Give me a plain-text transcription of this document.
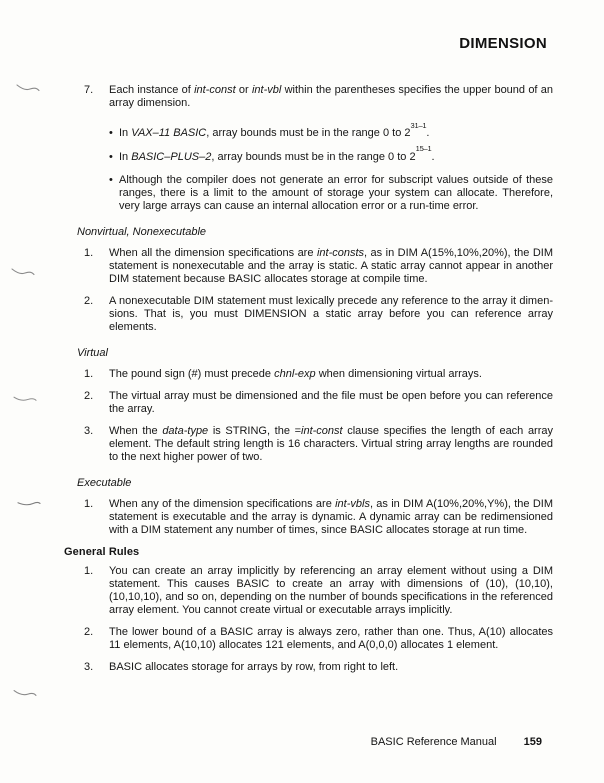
DIMENSION
7.	Each instance of int-const or int-vbl within the parentheses specifies the upper bound of an array dimension.

• In VAX–11 BASIC, array bounds must be in the range 0 to 2$^{31-1}$.

• In BASIC–PLUS–2, array bounds must be in the range 0 to 2$^{15-1}$.

• Although the compiler does not generate an error for subscript values outside of these ranges, there is a limit to the amount of storage your system can allocate. Therefore, very large arrays can cause an internal allocation error or a run-time error.

Nonvirtual, Nonexecutable
1.	When all the dimension specifications are int-consts, as in DIM A(15%,10%,20%), the DIM statement is nonexecutable and the array is static. A static array cannot appear in another DIM statement because BASIC allocates storage at compile time.

2.	A nonexecutable DIM statement must lexically precede any reference to the array it dimensions. That is, you must DIMENSION a static array before you can reference array elements.

Virtual
1.	The pound sign (#) must precede chnl-exp when dimensioning virtual arrays.

2.	The virtual array must be dimensioned and the file must be open before you can reference the array.

3.	When the data-type is STRING, the =int-const clause specifies the length of each array element. The default string length is 16 characters. Virtual string array lengths are rounded to the next higher power of two.

Executable
1.	When any of the dimension specifications are int-vbls, as in DIM A(10%,20%,Y%), the DIM statement is executable and the array is dynamic. A dynamic array can be redimensioned with a DIM statement any number of times, since BASIC allocates storage at run time.

General Rules
1.	You can create an array implicitly by referencing an array element without using a DIM statement. This causes BASIC to create an array with dimensions of (10), (10,10), (10,10,10), and so on, depending on the number of bounds specifications in the referenced array element. You cannot create virtual or executable arrays implicitly.

2.	The lower bound of a BASIC array is always zero, rather than one. Thus, A(10) allocates 11 elements, A(10,10) allocates 121 elements, and A(0,0,0) allocates 1 element.

3.	BASIC allocates storage for arrays by row, from right to left.

BASIC Reference Manual 159
